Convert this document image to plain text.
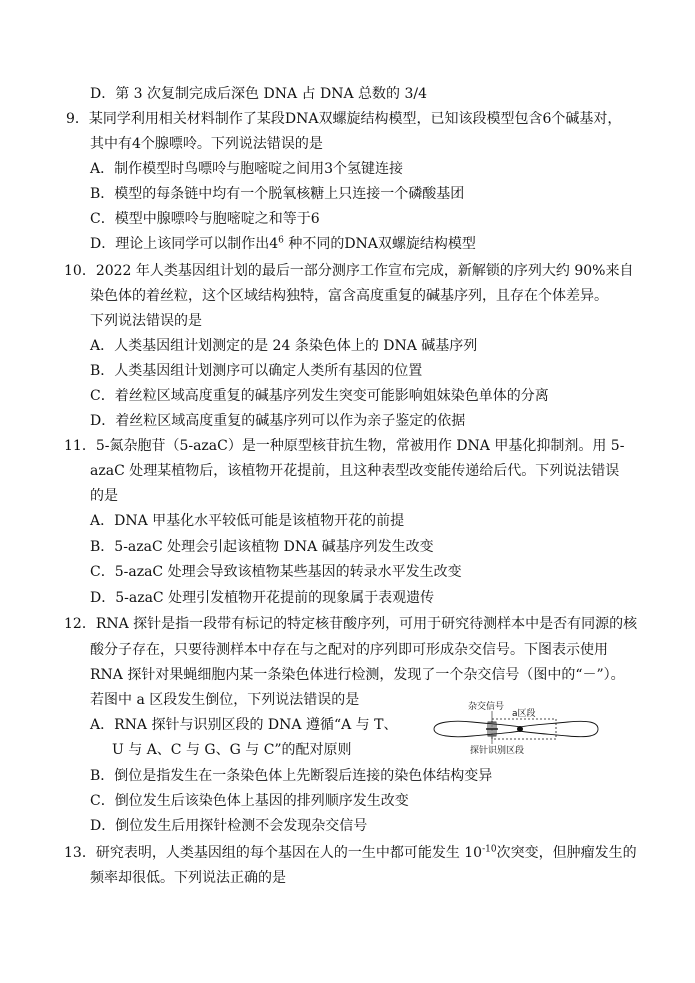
D．第 3 次复制完成后深色 DNA 占 DNA 总数的 3/4
9．某同学利用相关材料制作了某段DNA双螺旋结构模型，已知该段模型包含6个碱基对，
其中有4个腺嘌呤。下列说法错误的是
A．制作模型时鸟嘌呤与胞嘧啶之间用3个氢键连接
B．模型的每条链中均有一个脱氧核糖上只连接一个磷酸基团
C．模型中腺嘌呤与胞嘧啶之和等于6
D．理论上该同学可以制作出$4^6$ 种不同的DNA双螺旋结构模型
10．2022 年人类基因组计划的最后一部分测序工作宣布完成，新解锁的序列大约 90%来自
染色体的着丝粒，这个区域结构独特，富含高度重复的碱基序列，且存在个体差异。
下列说法错误的是
A．人类基因组计划测定的是 24 条染色体上的 DNA 碱基序列
B．人类基因组计划测序可以确定人类所有基因的位置
C．着丝粒区域高度重复的碱基序列发生突变可能影响姐妹染色单体的分离
D．着丝粒区域高度重复的碱基序列可以作为亲子鉴定的依据
11．5-氮杂胞苷（5-azaC）是一种原型核苷抗生物，常被用作 DNA 甲基化抑制剂。用 5-
azaC 处理某植物后，该植物开花提前，且这种表型改变能传递给后代。下列说法错误
的是
A．DNA 甲基化水平较低可能是该植物开花的前提
B．5-azaC 处理会引起该植物 DNA 碱基序列发生改变
C．5-azaC 处理会导致该植物某些基因的转录水平发生改变
D．5-azaC 处理引发植物开花提前的现象属于表观遗传
12．RNA 探针是指一段带有标记的特定核苷酸序列，可用于研究待测样本中是否有同源的核
酸分子存在，只要待测样本中存在与之配对的序列即可形成杂交信号。下图表示使用
RNA 探针对果蝇细胞内某一条染色体进行检测，发现了一个杂交信号（图中的“－”）。
若图中 a 区段发生倒位，下列说法错误的是
A．RNA 探针与识别区段的 DNA 遵循“A 与 T、
U 与 A、C 与 G、G 与 C”的配对原则
B．倒位是指发生在一条染色体上先断裂后连接的染色体结构变异
C．倒位发生后该染色体上基因的排列顺序发生改变
D．倒位发生后用探针检测不会发现杂交信号
13．研究表明，人类基因组的每个基因在人的一生中都可能发生 $10^{-10}$次突变，但肿瘤发生的
频率却很低。下列说法正确的是
杂交信号
a区段
探针识别区段
